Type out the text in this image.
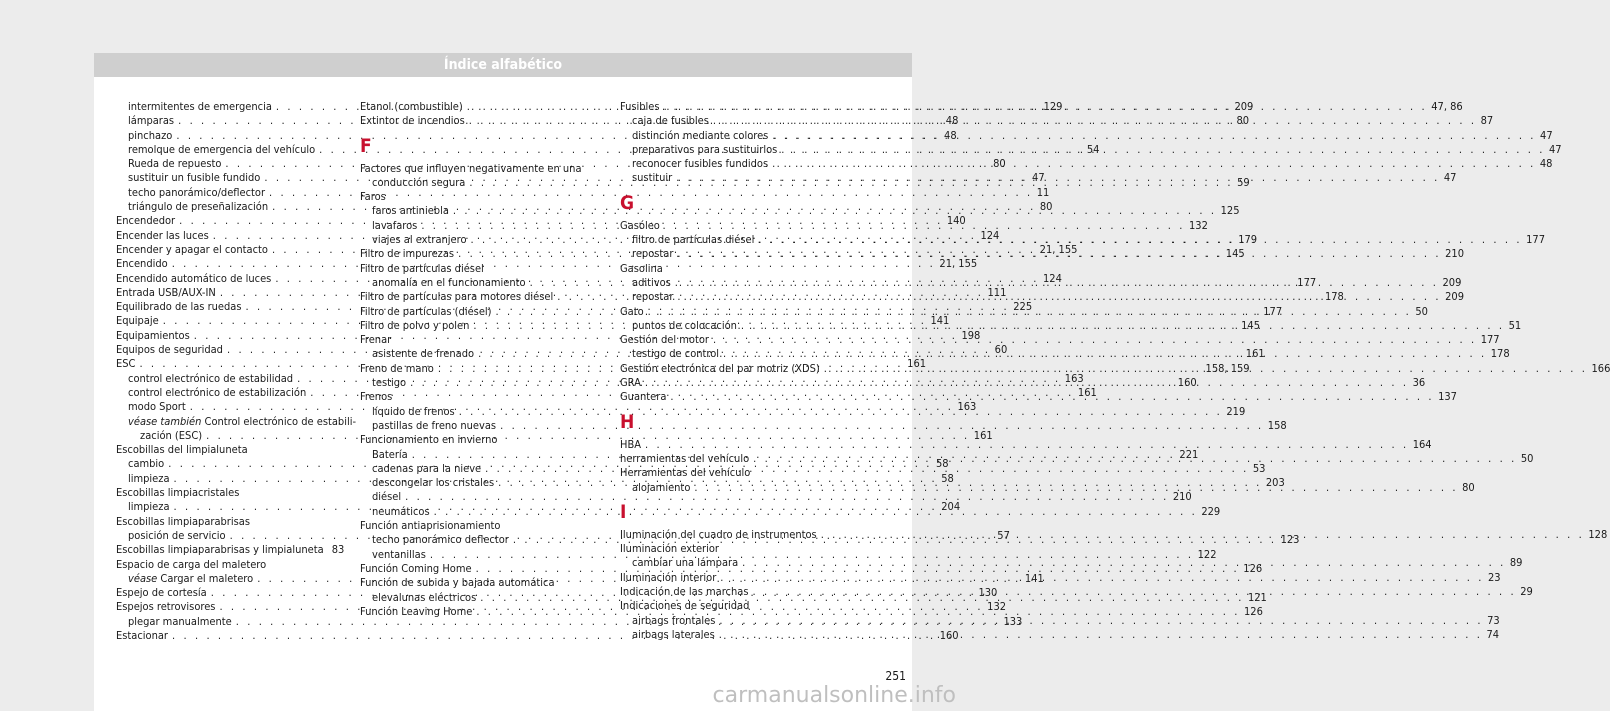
Índice alfabético
intermitentes de emergencia . . .	129
lámparas . . .	48
pinchazo . . .	48
remolque de emergencia del vehículo . . .	54
Rueda de repuesto . . .	80
sustituir un fusible fundido . . .	47
techo panorámico/deflector . . .	11
triángulo de preseñalización . . .	80
Encendedor . . .	140
Encender las luces . . .	124
Encender y apagar el contacto . . .	21, 155
Encendido . . .	21, 155
Encendido automático de luces . . .	124
Entrada USB/AUX-IN . . .	111
Equilibrado de las ruedas . . .	225
Equipaje . . .	141
Equipamientos . . .	198
Equipos de seguridad . . .	60
ESC . . .	161
control electrónico de estabilidad . . .	163
control electrónico de estabilización . . .	161
modo Sport . . .	163
véase también Control electrónico de estabili-
zación (ESC) . . .	161
Escobillas del limpialuneta
cambio . . .	58
limpieza . . .	58
Escobillas limpiacristales
limpieza . . .	204
Escobillas limpiaparabrisas
posición de servicio . . .	57
Escobillas limpiaparabrisas y limpialuneta 83
Espacio de carga del maletero
véase Cargar el maletero . . .	141
Espejo de cortesía . . .	130
Espejos retrovisores . . .	132
plegar manualmente . . .	133
Estacionar . . .	160
Etanol (combustible) . . .	209
Extintor de incendios . . .	80
F
Factores que influyen negativamente en una
conducción segura . . .	59
Faros
faros antiniebla . . .	125
lavafaros . . .	132
viajes al extranjero . . .	179
Filtro de impurezas . . .	145
Filtro de partículas diésel
anomalía en el funcionamiento . . .	177
Filtro de partículas para motores diésel . . .	178
Filtro de partículas (diésel) . . .	177
Filtro de polvo y polen . . .	145
Frenar
asistente de frenado . . .	161
Freno de mano . . .	158, 159
testigo . . .	160
Frenos
líquido de frenos . . .	219
pastillas de freno nuevas . . .	158
Funcionamiento en invierno
Batería . . .	221
cadenas para la nieve . . .	53
descongelar los cristales . . .	203
diésel . . .	210
neumáticos . . .	229
Función antiaprisionamiento
techo panorámico deflector . . .	123
ventanillas . . .	122
Función Coming Home . . .	126
Función de subida y bajada automática
elevalunas eléctricos . . .	121
Función Leaving Home . . .	126
Fusibles . . .	47, 86
caja de fusibles . . .	87
distinción mediante colores . . .	47
preparativos para sustituirlos . . .	47
reconocer fusibles fundidos . . .	48
sustituir . . .	47
G
Gasóleo
filtro de partículas diésel . . .	177
repostar . . .	210
Gasolina
aditivos . . .	209
repostar . . .	209
Gato . . .	50
puntos de colocación . . .	51
Gestión del motor . . .	177
testigo de control . . .	178
Gestión electrónica del par motriz (XDS) . . .	166
GRA . . .	36
Guantera . . .	137
H
HBA . . .	164
herramientas del vehículo . . .	50
Herramientas del vehículo
alojamiento . . .	80
I
Iluminación del cuadro de instrumentos . . .	128
Iluminación exterior
cambiar una lámpara . . .	89
Iluminación interior . . .	23
Indicación de las marchas . . .	29
Indicaciones de seguridad
airbags frontales . . .	73
airbags laterales . . .	74
251
carmanualsonline.info
